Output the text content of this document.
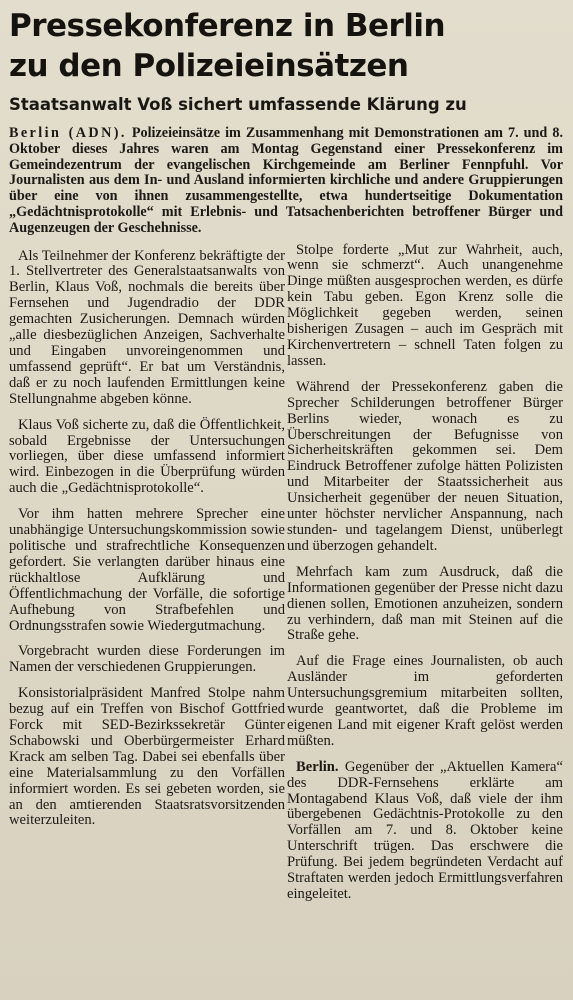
Pressekonferenz in Berlin
zu den Polizeieinsätzen
Staatsanwalt Voß sichert umfassende Klärung zu

Berlin (ADN). Polizeieinsätze im Zusammenhang mit Demonstrationen am 7. und 8. Oktober dieses Jahres waren am Montag Gegenstand einer Pressekonferenz im Gemeindezentrum der evangelischen Kirchgemeinde am Berliner Fennpfuhl. Vor Journalisten aus dem In- und Ausland informierten kirchliche und andere Gruppierungen über eine von ihnen zusammengestellte, etwa hundertseitige Dokumentation „Gedächtnisprotokolle“ mit Erlebnis- und Tatsachenberichten betroffener Bürger und Augenzeugen der Geschehnisse.

Als Teilnehmer der Konferenz bekräftigte der 1. Stellvertreter des Generalstaatsanwalts von Berlin, Klaus Voß, nochmals die bereits über Fernsehen und Jugendradio der DDR gemachten Zusicherungen. Demnach würden „alle diesbezüglichen Anzeigen, Sachverhalte und Eingaben unvoreingenommen und umfassend geprüft“. Er bat um Verständnis, daß er zu noch laufenden Ermittlungen keine Stellungnahme abgeben könne.

Klaus Voß sicherte zu, daß die Öffentlichkeit, sobald Ergebnisse der Untersuchungen vorliegen, über diese umfassend informiert wird. Einbezogen in die Überprüfung würden auch die „Gedächtnisprotokolle“.

Vor ihm hatten mehrere Sprecher eine unabhängige Untersuchungskommission sowie politische und strafrechtliche Konsequenzen gefordert. Sie verlangten darüber hinaus eine rückhaltlose Aufklärung und Öffentlichmachung der Vorfälle, die sofortige Aufhebung von Strafbefehlen und Ordnungsstrafen sowie Wiedergutmachung.

Vorgebracht wurden diese Forderungen im Namen der verschiedenen Gruppierungen.

Konsistorialpräsident Manfred Stolpe nahm bezug auf ein Treffen von Bischof Gottfried Forck mit SED-Bezirkssekretär Günter Schabowski und Oberbürgermeister Erhard Krack am selben Tag. Dabei sei ebenfalls über eine Materialsammlung zu den Vorfällen informiert worden. Es sei gebeten worden, sie an den amtierenden Staatsratsvorsitzenden weiterzuleiten.

Stolpe forderte „Mut zur Wahrheit, auch, wenn sie schmerzt“. Auch unangenehme Dinge müßten ausgesprochen werden, es dürfe kein Tabu geben. Egon Krenz solle die Möglichkeit gegeben werden, seinen bisherigen Zusagen – auch im Gespräch mit Kirchenvertretern – schnell Taten folgen zu lassen.

Während der Pressekonferenz gaben die Sprecher Schilderungen betroffener Bürger Berlins wieder, wonach es zu Überschreitungen der Befugnisse von Sicherheitskräften gekommen sei. Dem Eindruck Betroffener zufolge hätten Polizisten und Mitarbeiter der Staatssicherheit aus Unsicherheit gegenüber der neuen Situation, unter höchster nervlicher Anspannung, nach stunden- und tagelangem Dienst, unüberlegt und überzogen gehandelt.

Mehrfach kam zum Ausdruck, daß die Informationen gegenüber der Presse nicht dazu dienen sollen, Emotionen anzuheizen, sondern zu verhindern, daß man mit Steinen auf die Straße gehe.

Auf die Frage eines Journalisten, ob auch Ausländer im geforderten Untersuchungsgremium mitarbeiten sollten, wurde geantwortet, daß die Probleme im eigenen Land mit eigener Kraft gelöst werden müßten.

Berlin. Gegenüber der „Aktuellen Kamera“ des DDR-Fernsehens erklärte am Montagabend Klaus Voß, daß viele der ihm übergebenen Gedächtnis-Protokolle zu den Vorfällen am 7. und 8. Oktober keine Unterschrift trügen. Das erschwere die Prüfung. Bei jedem begründeten Verdacht auf Straftaten werden jedoch Ermittlungsverfahren eingeleitet.
